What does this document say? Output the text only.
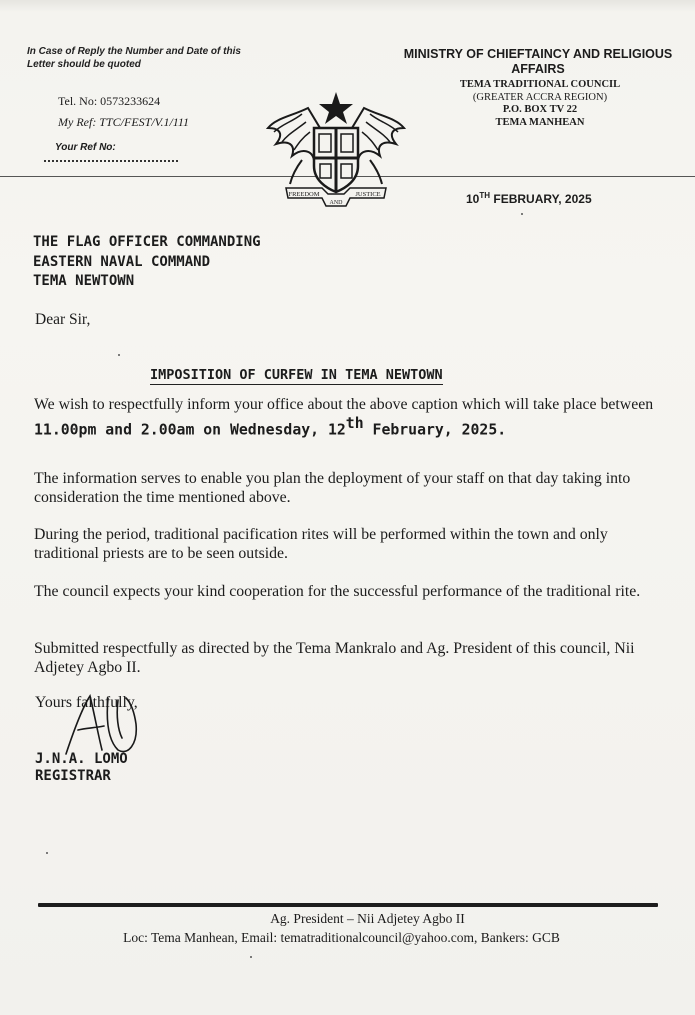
In Case of Reply the Number and Date of this Letter should be quoted
Tel. No: 0573233624
My Ref: TTC/FEST/V.1/111
Your Ref No:
MINISTRY OF CHIEFTAINCY AND RELIGIOUS AFFAIRS
TEMA TRADITIONAL COUNCIL
(GREATER ACCRA REGION)
P.O. BOX TV 22
TEMA MANHEAN
FREEDOM
AND
JUSTICE	10TH FEBRUARY, 2025
THE FLAG OFFICER COMMANDING
EASTERN NAVAL COMMAND
TEMA NEWTOWN
Dear Sir,
IMPOSITION OF CURFEW IN TEMA NEWTOWN
We wish to respectfully inform your office about the above caption which will take place between 11.00pm and 2.00am on Wednesday, 12th February, 2025.
The information serves to enable you plan the deployment of your staff on that day taking into consideration the time mentioned above.
During the period, traditional pacification rites will be performed within the town and only traditional priests are to be seen outside.
The council expects your kind cooperation for the successful performance of the traditional rite.
Submitted respectfully as directed by the Tema Mankralo and Ag. President of this council, Nii Adjetey Agbo II.
Yours faithfully,
J.N.A. LOMO
REGISTRAR
Ag. President – Nii Adjetey Agbo II
Loc: Tema Manhean, Email: tematraditionalcouncil@yahoo.com, Bankers: GCB
